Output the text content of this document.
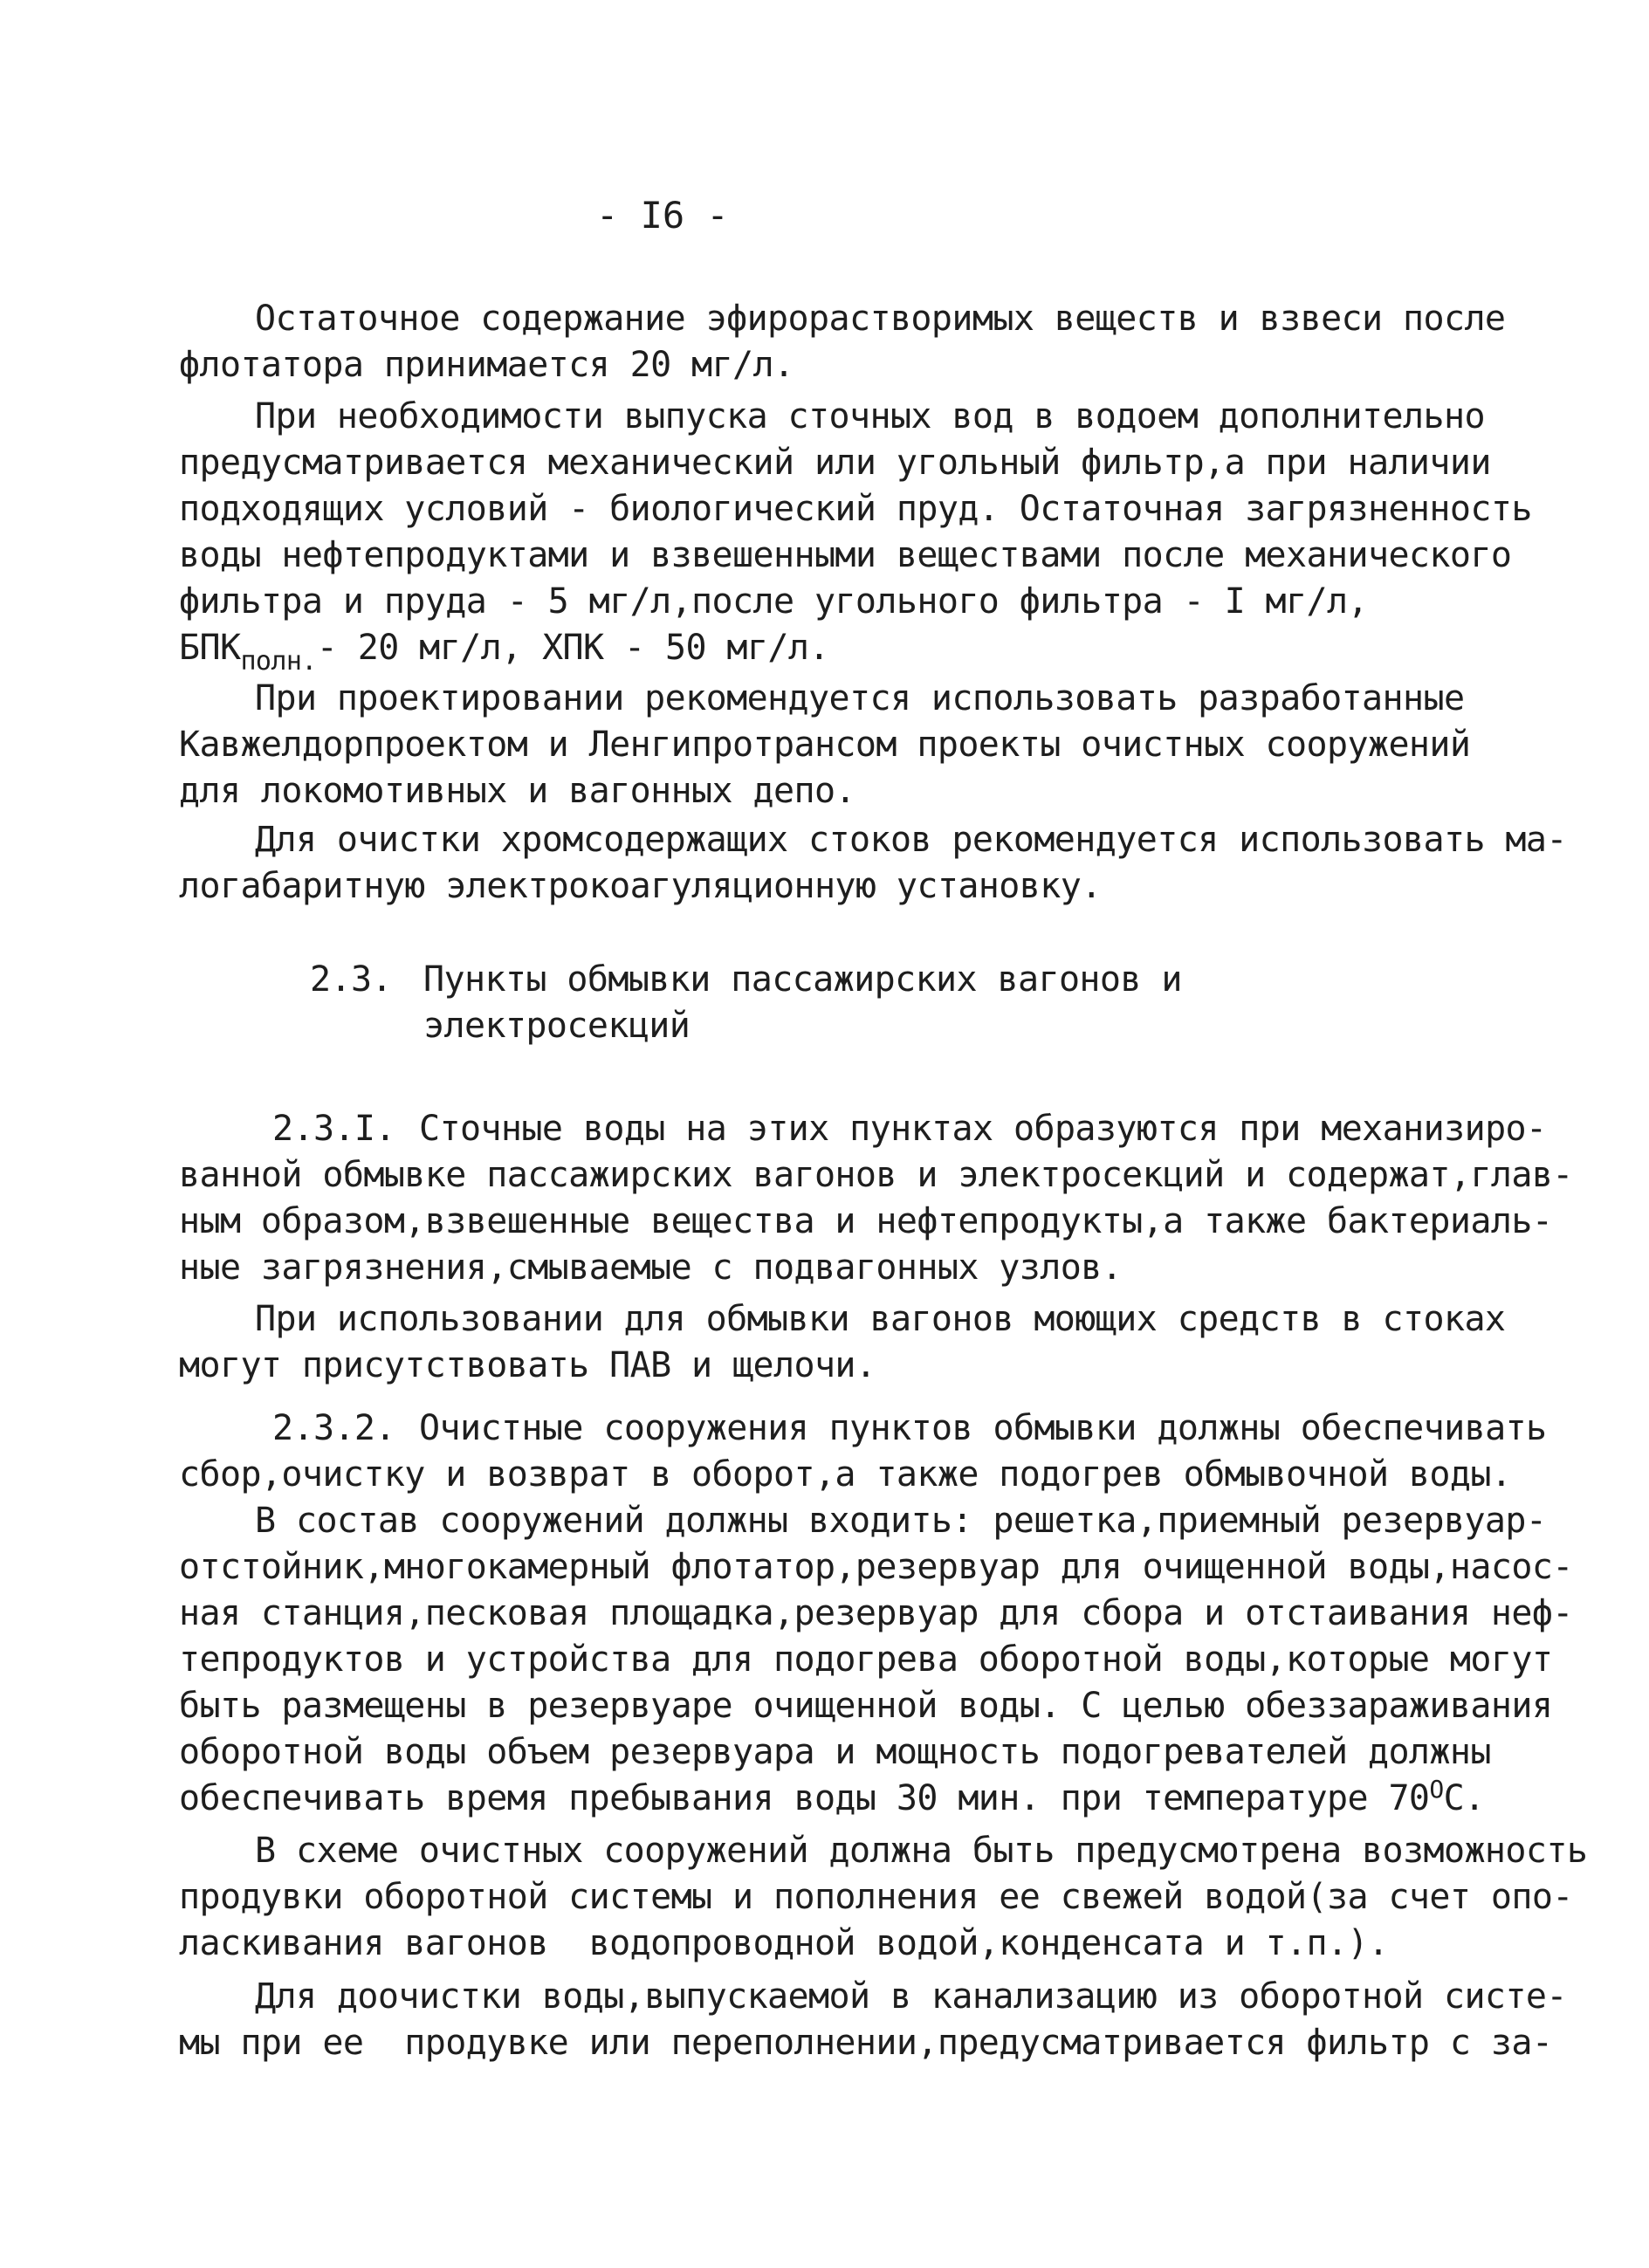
- I6 -
Остаточное содержание эфирорастворимых веществ и взвеси после
флотатора принимается 20 мг/л.
При необходимости выпуска сточных вод в водоем дополнительно
предусматривается механический или угольный фильтр,а при наличии
подходящих условий - биологический пруд. Остаточная загрязненность
воды нефтепродуктами и взвешенными веществами после механического
фильтра и пруда - 5 мг/л,после угольного фильтра - I мг/л,
$БПК_{полн.}-$ 20 мг/л, ХПК - 50 мг/л.
При проектировании рекомендуется использовать разработанные
Кавжелдорпроектом и Ленгипротрансом проекты очистных сооружений
для локомотивных и вагонных депо.
Для очистки хромсодержащих стоков рекомендуется использовать ма-
логабаритную электрокоагуляционную установку.
2.3. Пункты обмывки пассажирских вагонов и
электросекций
2.3.I. Сточные воды на этих пунктах образуются при механизиро-
ванной обмывке пассажирских вагонов и электросекций и содержат,глав-
ным образом,взвешенные вещества и нефтепродукты,а также бактериаль-
ные загрязнения,смываемые с подвагонных узлов.
При использовании для обмывки вагонов моющих средств в стоках
могут присутствовать ПАВ и щелочи.
2.3.2. Очистные сооружения пунктов обмывки должны обеспечивать
сбор,очистку и возврат в оборот,а также подогрев обмывочной воды.
В состав сооружений должны входить: решетка,приемный резервуар-
отстойник,многокамерный флотатор,резервуар для очищенной воды,насос-
ная станция,песковая площадка,резервуар для сбора и отстаивания неф-
тепродуктов и устройства для подогрева оборотной воды,которые могут
быть размещены в резервуаре очищенной воды. С целью обеззараживания
оборотной воды объем резервуара и мощность подогревателей должны
обеспечивать время пребывания воды 30 мин. при температуре $70^ОС$.
В схеме очистных сооружений должна быть предусмотрена возможность
продувки оборотной системы и пополнения ее свежей водой(за счет опо-
ласкивания вагонов  водопроводной водой,конденсата и т.п.).
Для доочистки воды,выпускаемой в канализацию из оборотной систе-
мы при ее  продувке или переполнении,предусматривается фильтр с за-
